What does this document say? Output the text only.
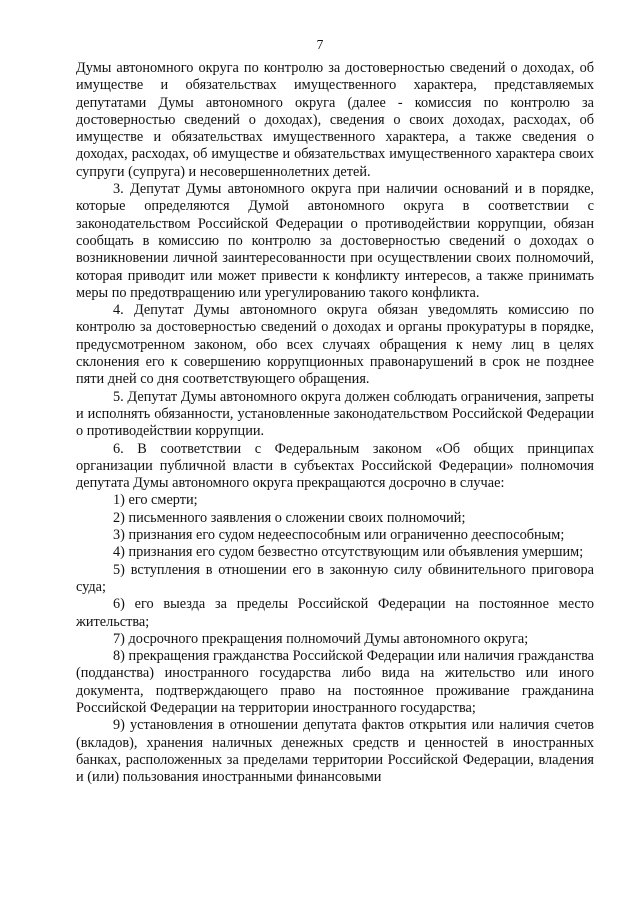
7

Думы автономного округа по контролю за достоверностью сведений о доходах, об имуществе и обязательствах имущественного характера, представляемых депутатами Думы автономного округа (далее - комиссия по контролю за достоверностью сведений о доходах), сведения о своих доходах, расходах, об имуществе и обязательствах имущественного характера, а также сведения о доходах, расходах, об имуществе и обязательствах имущественного характера своих супруги (супруга) и несовершеннолетних детей.

3. Депутат Думы автономного округа при наличии оснований и в порядке, которые определяются Думой автономного округа в соответствии с законодательством Российской Федерации о противодействии коррупции, обязан сообщать в комиссию по контролю за достоверностью сведений о доходах о возникновении личной заинтересованности при осуществлении своих полномочий, которая приводит или может привести к конфликту интересов, а также принимать меры по предотвращению или урегулированию такого конфликта.

4. Депутат Думы автономного округа обязан уведомлять комиссию по контролю за достоверностью сведений о доходах и органы прокуратуры в порядке, предусмотренном законом, обо всех случаях обращения к нему лиц в целях склонения его к совершению коррупционных правонарушений в срок не позднее пяти дней со дня соответствующего обращения.

5. Депутат Думы автономного округа должен соблюдать ограничения, запреты и исполнять обязанности, установленные законодательством Российской Федерации о противодействии коррупции.

6. В соответствии с Федеральным законом «Об общих принципах организации публичной власти в субъектах Российской Федерации» полномочия депутата Думы автономного округа прекращаются досрочно в случае:

1) его смерти;

2) письменного заявления о сложении своих полномочий;

3) признания его судом недееспособным или ограниченно дееспособным;

4) признания его судом безвестно отсутствующим или объявления умершим;

5) вступления в отношении его в законную силу обвинительного приговора суда;

6) его выезда за пределы Российской Федерации на постоянное место жительства;

7) досрочного прекращения полномочий Думы автономного округа;

8) прекращения гражданства Российской Федерации или наличия гражданства (подданства) иностранного государства либо вида на жительство или иного документа, подтверждающего право на постоянное проживание гражданина Российской Федерации на территории иностранного государства;

9) установления в отношении депутата фактов открытия или наличия счетов (вкладов), хранения наличных денежных средств и ценностей в иностранных банках, расположенных за пределами территории Российской Федерации, владения и (или) пользования иностранными финансовыми
